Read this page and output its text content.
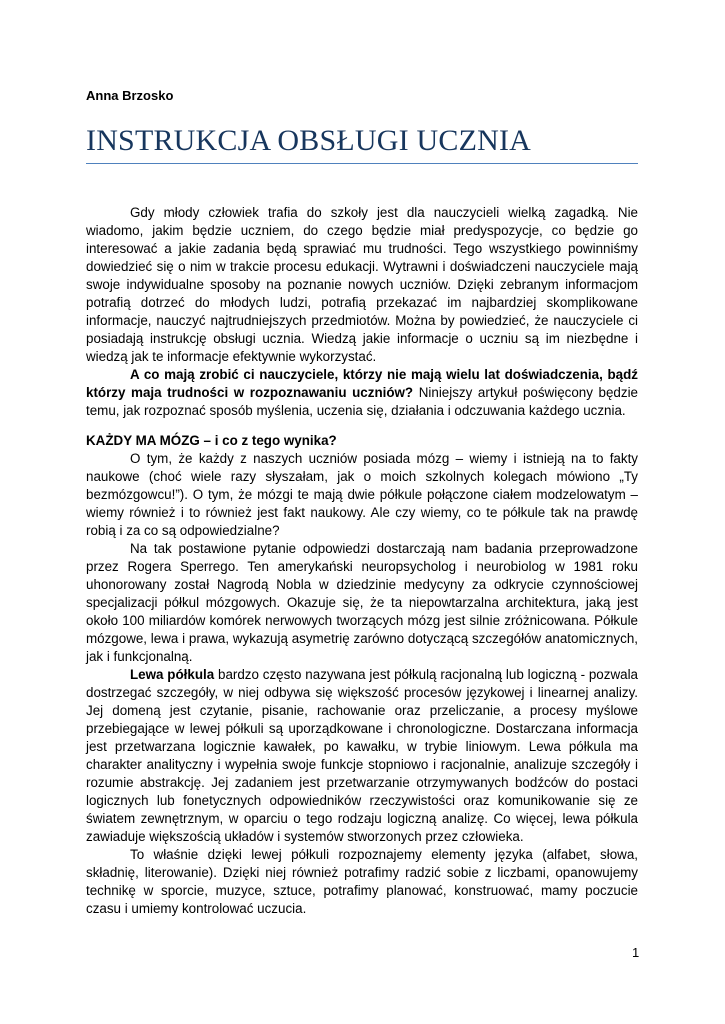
Anna Brzosko
INSTRUKCJA OBSŁUGI UCZNIA

Gdy młody człowiek trafia do szkoły jest dla nauczycieli wielką zagadką. Nie wiadomo, jakim będzie uczniem, do czego będzie miał predyspozycje, co będzie go interesować a jakie zadania będą sprawiać mu trudności. Tego wszystkiego powinniśmy dowiedzieć się o nim w trakcie procesu edukacji. Wytrawni i doświadczeni nauczyciele mają swoje indywidualne sposoby na poznanie nowych uczniów. Dzięki zebranym informacjom potrafią dotrzeć do młodych ludzi, potrafią przekazać im najbardziej skomplikowane informacje, nauczyć najtrudniejszych przedmiotów. Można by powiedzieć, że nauczyciele ci posiadają instrukcję obsługi ucznia. Wiedzą jakie informacje o uczniu są im niezbędne i wiedzą jak te informacje efektywnie wykorzystać.

A co mają zrobić ci nauczyciele, którzy nie mają wielu lat doświadczenia, bądź którzy maja trudności w rozpoznawaniu uczniów? Niniejszy artykuł poświęcony będzie temu, jak rozpoznać sposób myślenia, uczenia się, działania i odczuwania każdego ucznia.

KAŻDY MA MÓZG – i co z tego wynika?

O tym, że każdy z naszych uczniów posiada mózg – wiemy i istnieją na to fakty naukowe (choć wiele razy słyszałam, jak o moich szkolnych kolegach mówiono „Ty bezmózgowcu!”). O tym, że mózgi te mają dwie półkule połączone ciałem modzelowatym – wiemy również i to również jest fakt naukowy. Ale czy wiemy, co te półkule tak na prawdę robią i za co są odpowiedzialne?

Na tak postawione pytanie odpowiedzi dostarczają nam badania przeprowadzone przez Rogera Sperrego. Ten amerykański neuropsycholog i neurobiolog w 1981 roku uhonorowany został Nagrodą Nobla w dziedzinie medycyny za odkrycie czynnościowej specjalizacji półkul mózgowych. Okazuje się, że ta niepowtarzalna architektura, jaką jest około 100 miliardów komórek nerwowych tworzących mózg jest silnie zróżnicowana. Półkule mózgowe, lewa i prawa, wykazują asymetrię zarówno dotyczącą szczegółów anatomicznych, jak i funkcjonalną.

Lewa półkula bardzo często nazywana jest półkulą racjonalną lub logiczną - pozwala dostrzegać szczegóły, w niej odbywa się większość procesów językowej i linearnej analizy. Jej domeną jest czytanie, pisanie, rachowanie oraz przeliczanie, a procesy myślowe przebiegające w lewej półkuli są uporządkowane i chronologiczne. Dostarczana informacja jest przetwarzana logicznie kawałek, po kawałku, w trybie liniowym. Lewa półkula ma charakter analityczny i wypełnia swoje funkcje stopniowo i racjonalnie, analizuje szczegóły i rozumie abstrakcję. Jej zadaniem jest przetwarzanie otrzymywanych bodźców do postaci logicznych lub fonetycznych odpowiedników rzeczywistości oraz komunikowanie się ze światem zewnętrznym, w oparciu o tego rodzaju logiczną analizę. Co więcej, lewa półkula zawiaduje większością układów i systemów stworzonych przez człowieka.

To właśnie dzięki lewej półkuli rozpoznajemy elementy języka (alfabet, słowa, składnię, literowanie). Dzięki niej również potrafimy radzić sobie z liczbami, opanowujemy technikę w sporcie, muzyce, sztuce, potrafimy planować, konstruować, mamy poczucie czasu i umiemy kontrolować uczucia.

1
